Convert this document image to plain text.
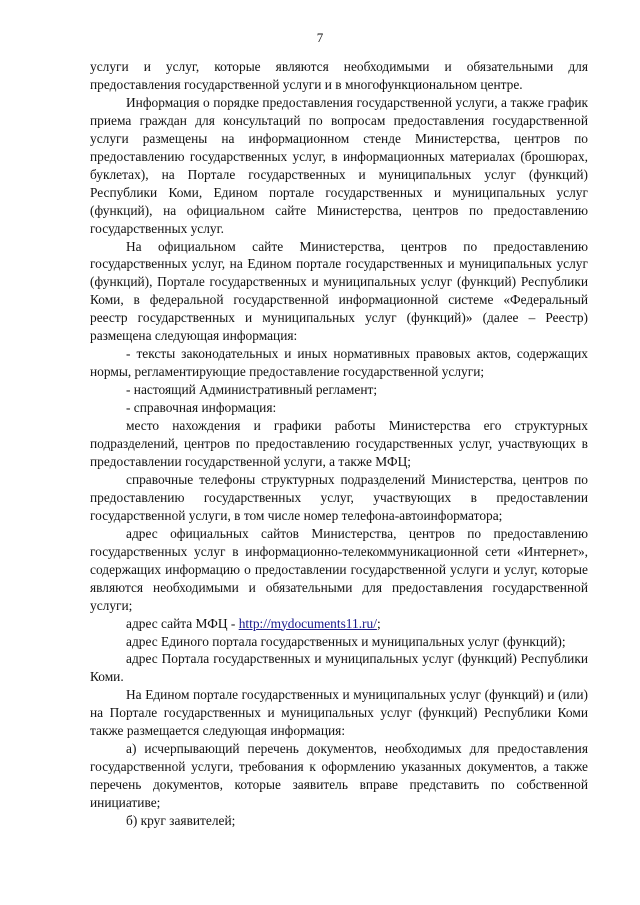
7

услуги и услуг, которые являются необходимыми и обязательными для предоставления государственной услуги и в многофункциональном центре.

Информация о порядке предоставления государственной услуги, а также график приема граждан для консультаций по вопросам предоставления государственной услуги размещены на информационном стенде Министерства, центров по предоставлению государственных услуг, в информационных материалах (брошюрах, буклетах), на Портале государственных и муниципальных услуг (функций) Республики Коми, Едином портале государственных и муниципальных услуг (функций), на официальном сайте Министерства, центров по предоставлению государственных услуг.

На официальном сайте Министерства, центров по предоставлению государственных услуг, на Едином портале государственных и муниципальных услуг (функций), Портале государственных и муниципальных услуг (функций) Республики Коми, в федеральной государственной информационной системе «Федеральный реестр государственных и муниципальных услуг (функций)» (далее – Реестр) размещена следующая информация:

- тексты законодательных и иных нормативных правовых актов, содержащих нормы, регламентирующие предоставление государственной услуги;

- настоящий Административный регламент;

- справочная информация:

место нахождения и графики работы Министерства его структурных подразделений, центров по предоставлению государственных услуг, участвующих в предоставлении государственной услуги, а также МФЦ;

справочные телефоны структурных подразделений Министерства, центров по предоставлению государственных услуг, участвующих в предоставлении государственной услуги, в том числе номер телефона-автоинформатора;

адрес официальных сайтов Министерства, центров по предоставлению государственных услуг в информационно-телекоммуникационной сети «Интернет», содержащих информацию о предоставлении государственной услуги и услуг, которые являются необходимыми и обязательными для предоставления государственной услуги;

адрес сайта МФЦ - http://mydocuments11.ru/;

адрес Единого портала государственных и муниципальных услуг (функций);

адрес Портала государственных и муниципальных услуг (функций) Республики Коми.

На Едином портале государственных и муниципальных услуг (функций) и (или) на Портале государственных и муниципальных услуг (функций) Республики Коми также размещается следующая информация:

а) исчерпывающий перечень документов, необходимых для предоставления государственной услуги, требования к оформлению указанных документов, а также перечень документов, которые заявитель вправе представить по собственной инициативе;

б) круг заявителей;
